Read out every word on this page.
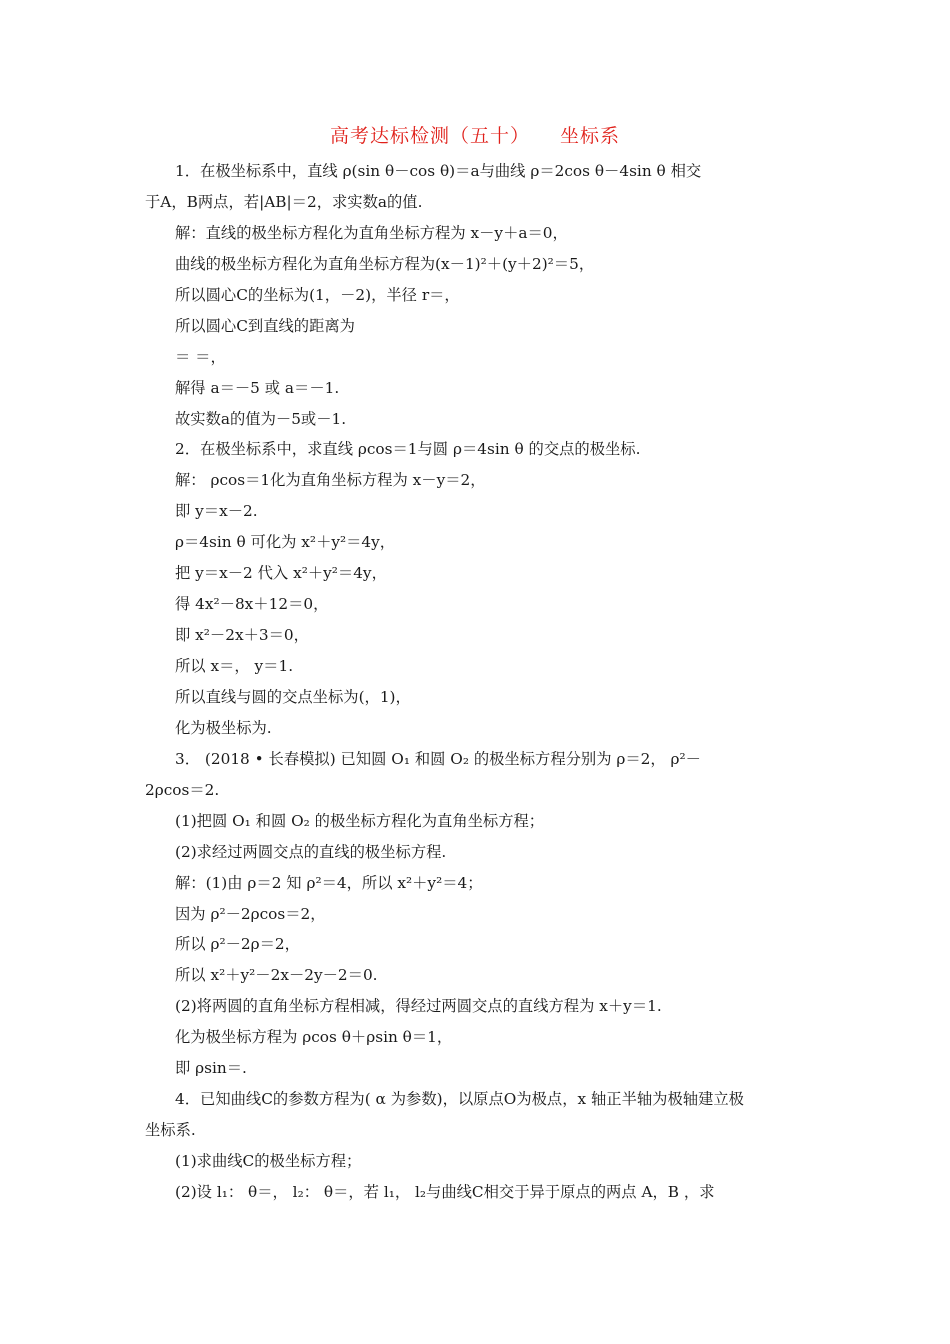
高考达标检测（五十） 坐标系
1．在极坐标系中，直线 ρ(sin θ－cos θ)＝a与曲线 ρ＝2cos θ－4sin θ 相交
于A，B两点，若|AB|＝2，求实数a的值.
解：直线的极坐标方程化为直角坐标方程为 x－y＋a＝0，
曲线的极坐标方程化为直角坐标方程为(x－1)²＋(y＋2)²＝5，
所以圆心C的坐标为(1，－2)，半径 r＝，
所以圆心C到直线的距离为
＝ ＝，
解得 a＝－5 或 a＝－1.
故实数a的值为－5或－1.
2．在极坐标系中，求直线 ρcos＝1与圆 ρ＝4sin θ 的交点的极坐标.
解： ρcos＝1化为直角坐标方程为 x－y＝2，
即 y＝x－2.
ρ＝4sin θ 可化为 x²＋y²＝4y，
把 y＝x－2 代入 x²＋y²＝4y，
得 4x²－8x＋12＝0，
即 x²－2x＋3＝0，
所以 x＝， y＝1.
所以直线与圆的交点坐标为(，1)，
化为极坐标为.
3． (2018 • 长春模拟) 已知圆 O₁ 和圆 O₂ 的极坐标方程分别为 ρ＝2， ρ²－
2ρcos＝2.
(1)把圆 O₁ 和圆 O₂ 的极坐标方程化为直角坐标方程；
(2)求经过两圆交点的直线的极坐标方程.
解：(1)由 ρ＝2 知 ρ²＝4，所以 x²＋y²＝4；
因为 ρ²－2ρcos＝2，
所以 ρ²－2ρ＝2，
所以 x²＋y²－2x－2y－2＝0.
(2)将两圆的直角坐标方程相减，得经过两圆交点的直线方程为 x＋y＝1.
化为极坐标方程为 ρcos θ＋ρsin θ＝1，
即 ρsin＝.
4．已知曲线C的参数方程为( α 为参数)，以原点O为极点，x 轴正半轴为极轴建立极
坐标系.
(1)求曲线C的极坐标方程；
(2)设 l₁： θ＝， l₂： θ＝，若 l₁， l₂与曲线C相交于异于原点的两点 A，B ，求
